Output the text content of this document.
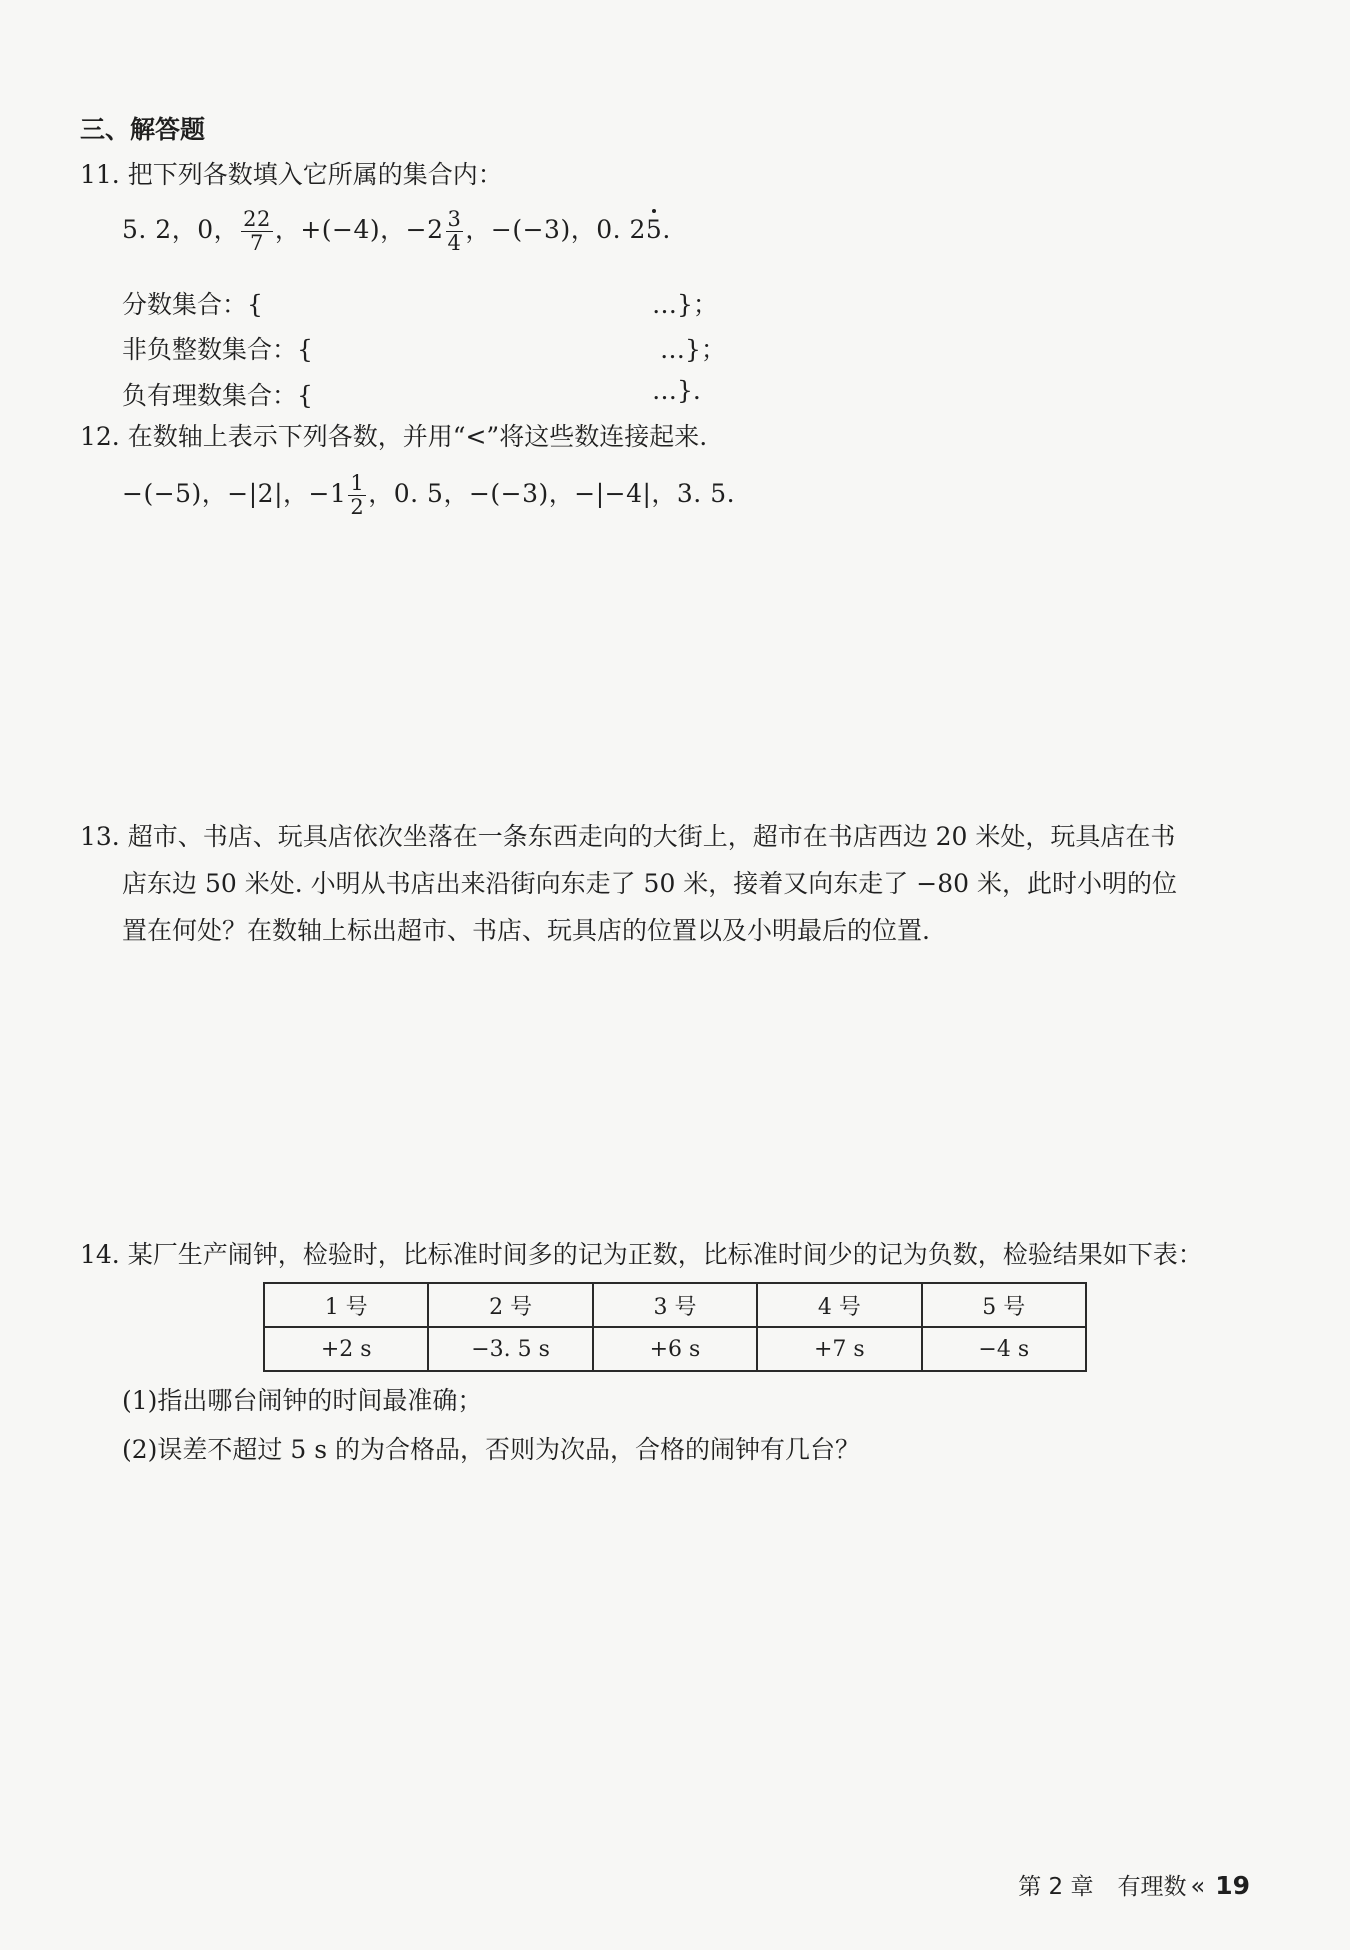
三、解答题
11. 把下列各数填入它所属的集合内：
5. 2，0， $\frac{22}{7}$ ，+(−4)，$-2 \frac{3}{4}$ ，−(−3)，0. 25.
分数集合：{	…}；
非负整数集合：{	…}；
负有理数集合：{	…}.
12. 在数轴上表示下列各数，并用“<”将这些数连接起来.
−(−5)，−|2|，$-1 \frac{1}{2}$ ，0. 5，−(−3)，−|−4|，3. 5.
13. 超市、书店、玩具店依次坐落在一条东西走向的大街上，超市在书店西边 20 米处，玩具店在书
店东边 50 米处. 小明从书店出来沿街向东走了 50 米，接着又向东走了 −80 米，此时小明的位
置在何处？在数轴上标出超市、书店、玩具店的位置以及小明最后的位置.
14. 某厂生产闹钟，检验时，比标准时间多的记为正数，比标准时间少的记为负数，检验结果如下表：
1 号	2 号	3 号	4 号	5 号
+2 s	−3. 5 s	+6 s	+7 s	−4 s
(1)指出哪台闹钟的时间最准确；
(2)误差不超过 5 s 的为合格品，否则为次品，合格的闹钟有几台？
第 2 章 有理数 « 19
